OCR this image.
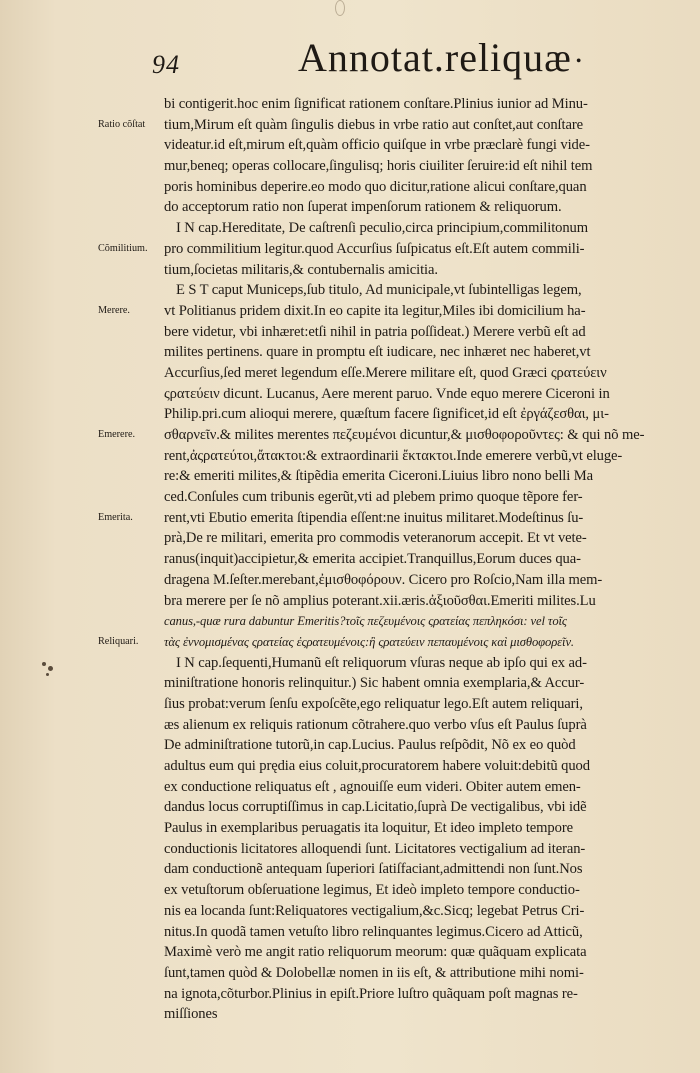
94	Annotat.reliquæ •
bi contigerit.hoc enim ſignificat rationem conſtare.Plinius iunior ad Minu-
tium,Mirum eſt quàm ſingulis diebus in vrbe ratio aut conſtet,aut conſtare
videatur.id eſt,mirum eſt,quàm officio quiſque in vrbe præclarè fungi vide-
mur,beneq; operas collocare,ſingulisq; horis ciuiliter ſeruire:id eſt nihil tem
poris hominibus deperire.eo modo quo dicitur,ratione alicui conſtare,quan
do acceptorum ratio non ſuperat impenſorum rationem & reliquorum.
I N cap.Hereditate, De caſtrenſi peculio,circa principium,commilitonum
pro commilitium legitur.quod Accurſius ſuſpicatus eſt.Eſt autem commili-
tium,ſocietas militaris,& contubernalis amicitia.
E S T caput Municeps,ſub titulo, Ad municipale,vt ſubintelligas legem,
vt Politianus pridem dixit.In eo capite ita legitur,Miles ibi domicilium ha-
bere videtur, vbi inhæret:etſi nihil in patria poſſideat.) Merere verbũ eſt ad
milites pertinens. quare in promptu eſt iudicare, nec inhæret nec haberet,vt
Accurſius,ſed meret legendum eſſe.Merere militare eſt, quod Græci ςρατεύειν
ςρατεύειν dicunt. Lucanus, Aere merent paruo. Vnde equo merere Ciceroni in
Philip.pri.cum alioqui merere, quæſtum facere ſignificet,id eſt ἐργάζεσθαι, μι-
σθαρνεῖν.& milites merentes πεζευμένοι dicuntur,& μισθοφοροῦντες: & qui nõ me-
rent,ἀςρατεύτοι,ἄτακτοι:& extraordinarii ἔκτακτοι.Inde emerere verbũ,vt eluge-
re:& emeriti milites,& ſtipẽdia emerita Ciceroni.Liuius libro nono belli Ma
ced.Conſules cum tribunis egerũt,vti ad plebem primo quoque tẽpore fer-
rent,vti Ebutio emerita ſtipendia eſſent:ne inuitus militaret.Modeſtinus ſu-
prà,De re militari, emerita pro commodis veteranorum accepit. Et vt vete-
ranus(inquit)accipietur,& emerita accipiet.Tranquillus,Eorum duces qua-
dragena M.ſeſter.merebant,ἐμισθοφόρουν. Cicero pro Roſcio,Nam illa mem-
bra merere per ſe nõ amplius poterant.xii.æris.ἀξιοῦσθαι.Emeriti milites.Lu
canus,-quæ rura dabuntur Emeritis?τοῖς πεζευμένοις ςρατείας πεπληκόσι: vel τοῖς
τὰς ἐννομισμένας ςρατείας ἐςρατευμένοις:ἢ ςρατεύειν πεπαυμένοις καὶ μισθοφορεῖν.
I N cap.ſequenti,Humanũ eſt reliquorum vſuras neque ab ipſo qui ex ad-
miniſtratione honoris relinquitur.) Sic habent omnia exemplaria,& Accur-
ſius probat:verum ſenſu expoſcẽte,ego reliquatur lego.Eſt autem reliquari,
æs alienum ex reliquis rationum cõtrahere.quo verbo vſus eſt Paulus ſuprà
De adminiſtratione tutorũ,in cap.Lucius. Paulus reſpõdit, Nõ ex eo quòd
adultus eum qui prędia eius coluit,procuratorem habere voluit:debitũ quod
ex conductione reliquatus eſt , agnouiſſe eum videri. Obiter autem emen-
dandus locus corruptiſſimus in cap.Licitatio,ſuprà De vectigalibus, vbi idẽ
Paulus in exemplaribus peruagatis ita loquitur, Et ideo impleto tempore
conductionis licitatores alloquendi ſunt. Licitatores vectigalium ad iteran-
dam conductionẽ antequam ſuperiori ſatiſfaciant,admittendi non ſunt.Nos
ex vetuſtorum obſeruatione legimus, Et ideò impleto tempore conductio-
nis ea locanda ſunt:Reliquatores vectigalium,&c.Sicq; legebat Petrus Cri-
nitus.In quodã tamen vetuſto libro relinquantes legimus.Cicero ad Atticũ,
Maximè verò me angit ratio reliquorum meorum: quæ quãquam explicata
ſunt,tamen quòd & Dolobellæ nomen in iis eſt, & attributione mihi nomi-
na ignota,cõturbor.Plinius in epiſt.Priore luſtro quãquam poſt magnas re-
miſſiones
Ratio cõſtat
Cõmilitium.
Merere.
Emerere.
Emerita.
Reliquari.
